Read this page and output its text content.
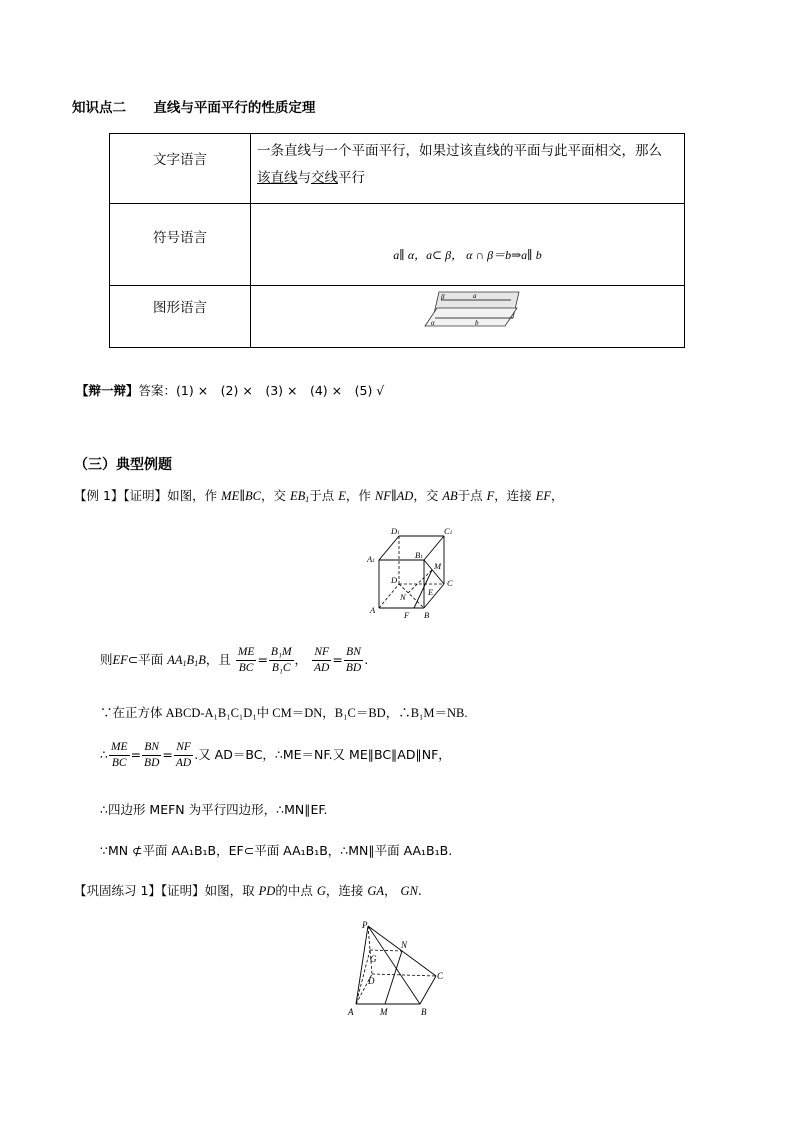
知识点二 直线与平面平行的性质定理
文字语言	一条直线与一个平面平行，如果过该直线的平面与此平面相交，那么
该直线与交线平行
符号语言	a∥ α，a⊂ β， α ∩ β＝b⇒a∥ b
图形语言	β a
α b
【辩一辩】答案：(1) ×　(2) ×　(3) ×　(4) ×　(5) √
（三）典型例题
【例 1】【证明】如图，作 ME∥BC，交 $EB_1$于点 E，作 NF∥AD，交 AB于点 F，连接 EF，
D1	C1
A1
B1
M
D	C
N	E
A	F B
则EF⊂平面 $AA_1B_1B$，且 $\frac{ME}{BC} = \frac{\text{B₁M}}{\text{B₁C}}$ ， $\frac{NF}{AD} = \frac{BN}{BD}$ .
∵在正方体 ABCD-A₁B₁C₁D₁中 CM＝DN，B₁C＝BD，∴B₁M＝NB.
∴ $\frac{ME}{BC} = \frac{BN}{BD} = \frac{NF}{AD}$ .又 AD＝BC，∴ME＝NF.又 ME∥BC∥AD∥NF，
∴四边形 MEFN 为平行四边形，∴MN∥EF.
∵MN ⊄平面 AA₁B₁B，EF⊂平面 AA₁B₁B，∴MN∥平面 AA₁B₁B.
【巩固练习 1】【证明】如图，取 PD的中点 G，连接 GA， GN.
P
N
G
D	C
A	M	B
